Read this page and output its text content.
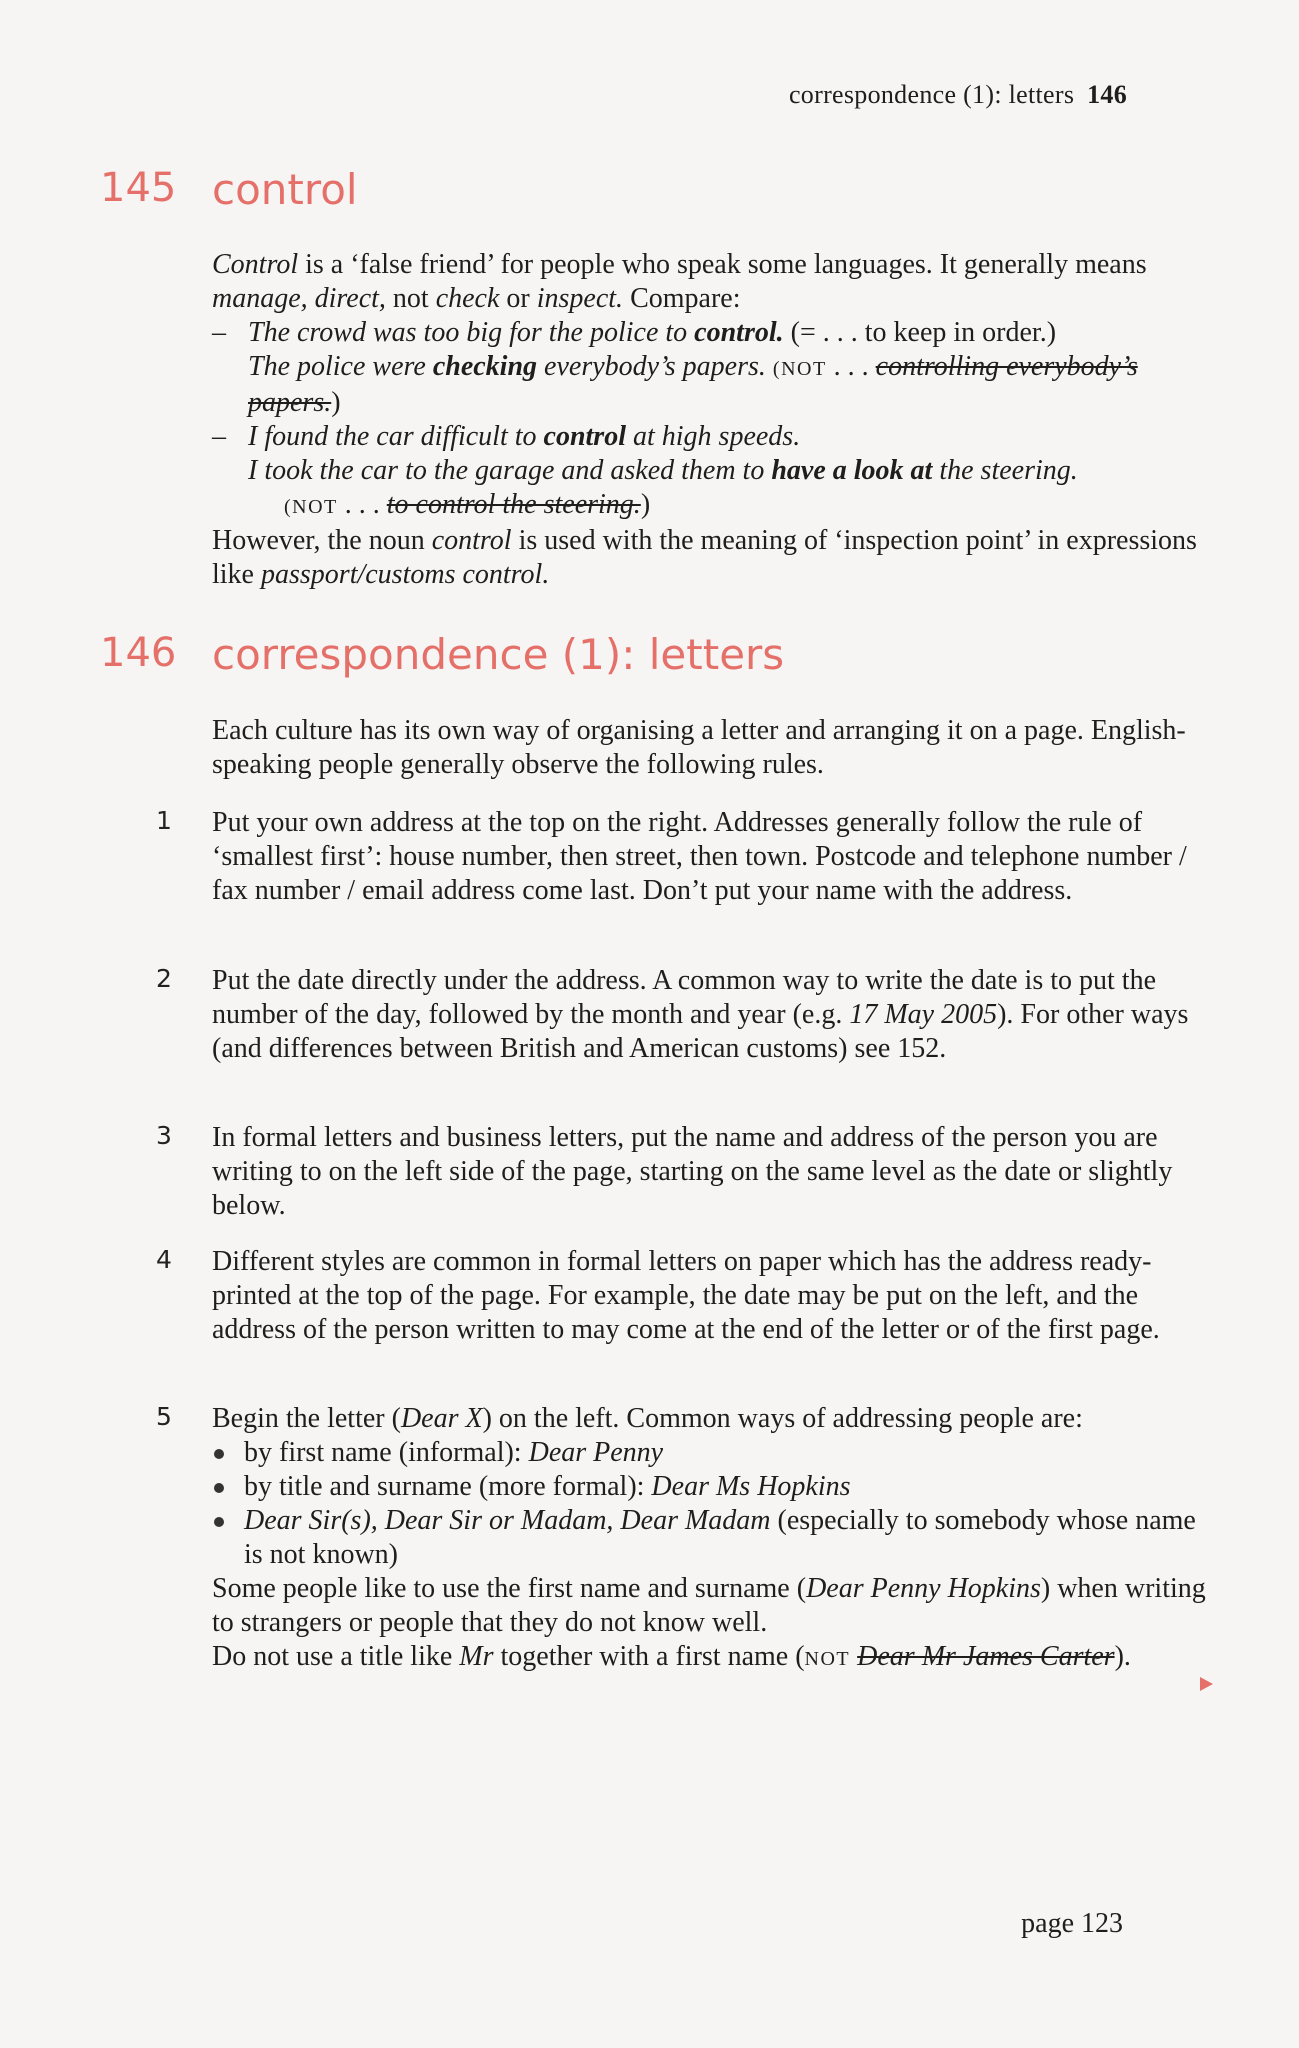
correspondence (1): letters 146
145 control

Control is a ‘false friend’ for people who speak some languages. It generally means manage, direct, not check or inspect. Compare:

– The crowd was too big for the police to control. (= . . . to keep in order.)

The police were checking everybody’s papers. (NOT . . . controlling everybody’s papers.)

– I found the car difficult to control at high speeds.

I took the car to the garage and asked them to have a look at the steering.

(NOT . . . to control the steering.)

However, the noun control is used with the meaning of ‘inspection point’ in expressions like passport/customs control.

146 correspondence (1): letters

Each culture has its own way of organising a letter and arranging it on a page. English-speaking people generally observe the following rules.

1 Put your own address at the top on the right. Addresses generally follow the rule of ‘smallest first’: house number, then street, then town. Postcode and telephone number / fax number / email address come last. Don’t put your name with the address.

2 Put the date directly under the address. A common way to write the date is to put the number of the day, followed by the month and year (e.g. 17 May 2005). For other ways (and differences between British and American customs) see 152.

3 In formal letters and business letters, put the name and address of the person you are writing to on the left side of the page, starting on the same level as the date or slightly below.

4 Different styles are common in formal letters on paper which has the address ready-printed at the top of the page. For example, the date may be put on the left, and the address of the person written to may come at the end of the letter or of the first page.

5 Begin the letter (Dear X) on the left. Common ways of addressing people are:

by first name (informal): Dear Penny
by title and surname (more formal): Dear Ms Hopkins
Dear Sir(s), Dear Sir or Madam, Dear Madam (especially to somebody whose name is not known)

Some people like to use the first name and surname (Dear Penny Hopkins) when writing to strangers or people that they do not know well.

Do not use a title like Mr together with a first name (NOT Dear Mr James Carter).

page 123
